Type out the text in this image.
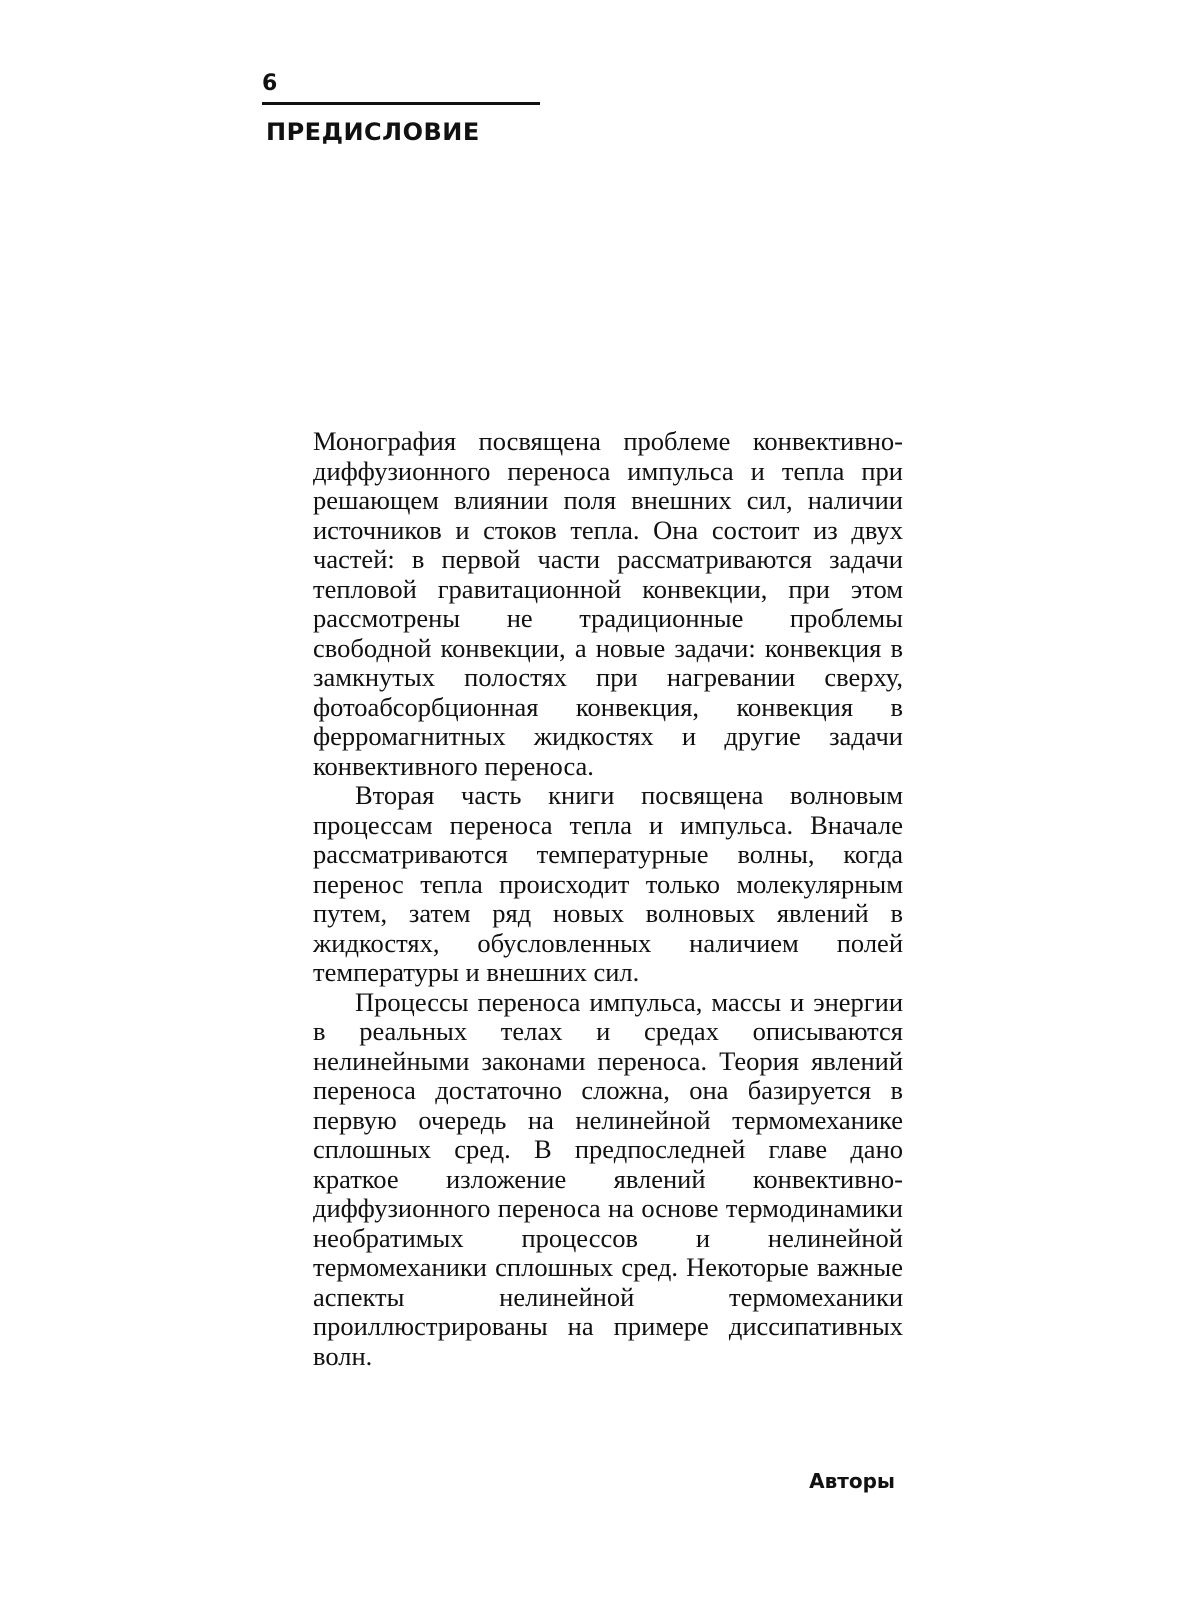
6
ПРЕДИСЛОВИЕ

Монография посвящена проблеме конвективно-диффузионного переноса импульса и тепла при решающем влиянии поля внешних сил, наличии источников и стоков тепла. Она состоит из двух частей: в первой части рассматриваются задачи тепловой гравитационной конвекции, при этом рассмотрены не традиционные проблемы свободной конвекции, а новые задачи: конвекция в замкнутых полостях при нагревании сверху, фотоабсорбционная конвекция, конвекция в ферромагнитных жидкостях и другие задачи конвективного переноса.

Вторая часть книги посвящена волновым процессам переноса тепла и импульса. Вначале рассматриваются температурные волны, когда перенос тепла происходит только молекулярным путем, затем ряд новых волновых явлений в жидкостях, обусловленных наличием полей температуры и внешних сил.

Процессы переноса импульса, массы и энергии в реальных телах и средах описываются нелинейными законами переноса. Теория явлений переноса достаточно сложна, она базируется в первую очередь на нелинейной термомеханике сплошных сред. В предпоследней главе дано краткое изложение явлений конвективно-диффузионного переноса на основе термодинамики необратимых процессов и нелинейной термомеханики сплошных сред. Некоторые важные аспекты нелинейной термомеханики проиллюстрированы на примере диссипативных волн.

Авторы
